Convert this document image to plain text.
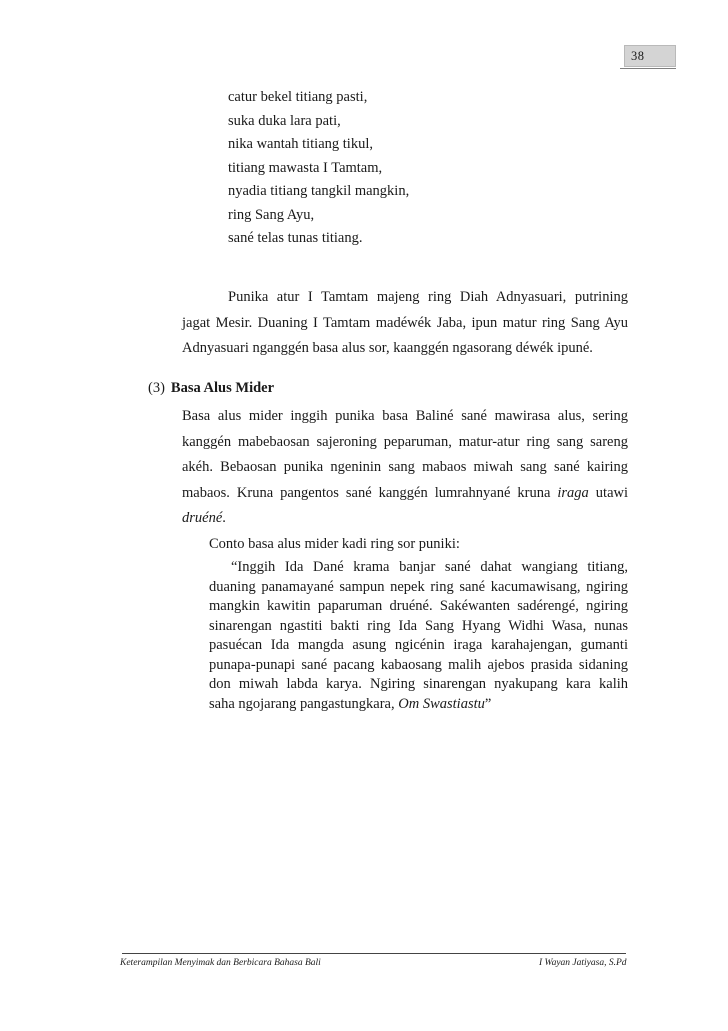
38
catur bekel titiang pasti,
suka duka lara pati,
nika wantah titiang tikul,
titiang mawasta I Tamtam,
nyadia titiang tangkil mangkin,
ring Sang Ayu,
sané telas tunas titiang.
Punika atur I Tamtam majeng ring Diah Adnyasuari, putrining
jagat Mesir. Duaning I Tamtam madéwék Jaba, ipun matur ring Sang Ayu
Adnyasuari nganggén basa alus sor, kaanggén ngasorang déwék ipuné.
(3) Basa Alus Mider
Basa alus mider inggih punika basa Baliné sané mawirasa alus, sering
kanggén mabebaosan sajeroning peparuman, matur-atur ring sang sareng
akéh. Bebaosan punika ngeninin sang mabaos miwah sang sané kairing
mabaos. Kruna pangentos sané kanggén lumrahnyané kruna iraga utawi
druéné.
Conto basa alus mider kadi ring sor puniki:
“Inggih Ida Dané krama banjar sané dahat wangiang titiang,
duaning panamayané sampun nepek ring sané kacumawisang, ngiring
mangkin kawitin paparuman druéné. Sakéwanten sadérengé, ngiring
sinarengan ngastiti bakti ring Ida Sang Hyang Widhi Wasa, nunas
pasuécan Ida mangda asung ngicénin iraga karahajengan, gumanti
punapa-punapi sané pacang kabaosang malih ajebos prasida sidaning
don miwah labda karya. Ngiring sinarengan nyakupang kara kalih
saha ngojarang pangastungkara, Om Swastiastu”
Keterampilan Menyimak dan Berbicara Bahasa Bali	I Wayan Jatiyasa, S.Pd
